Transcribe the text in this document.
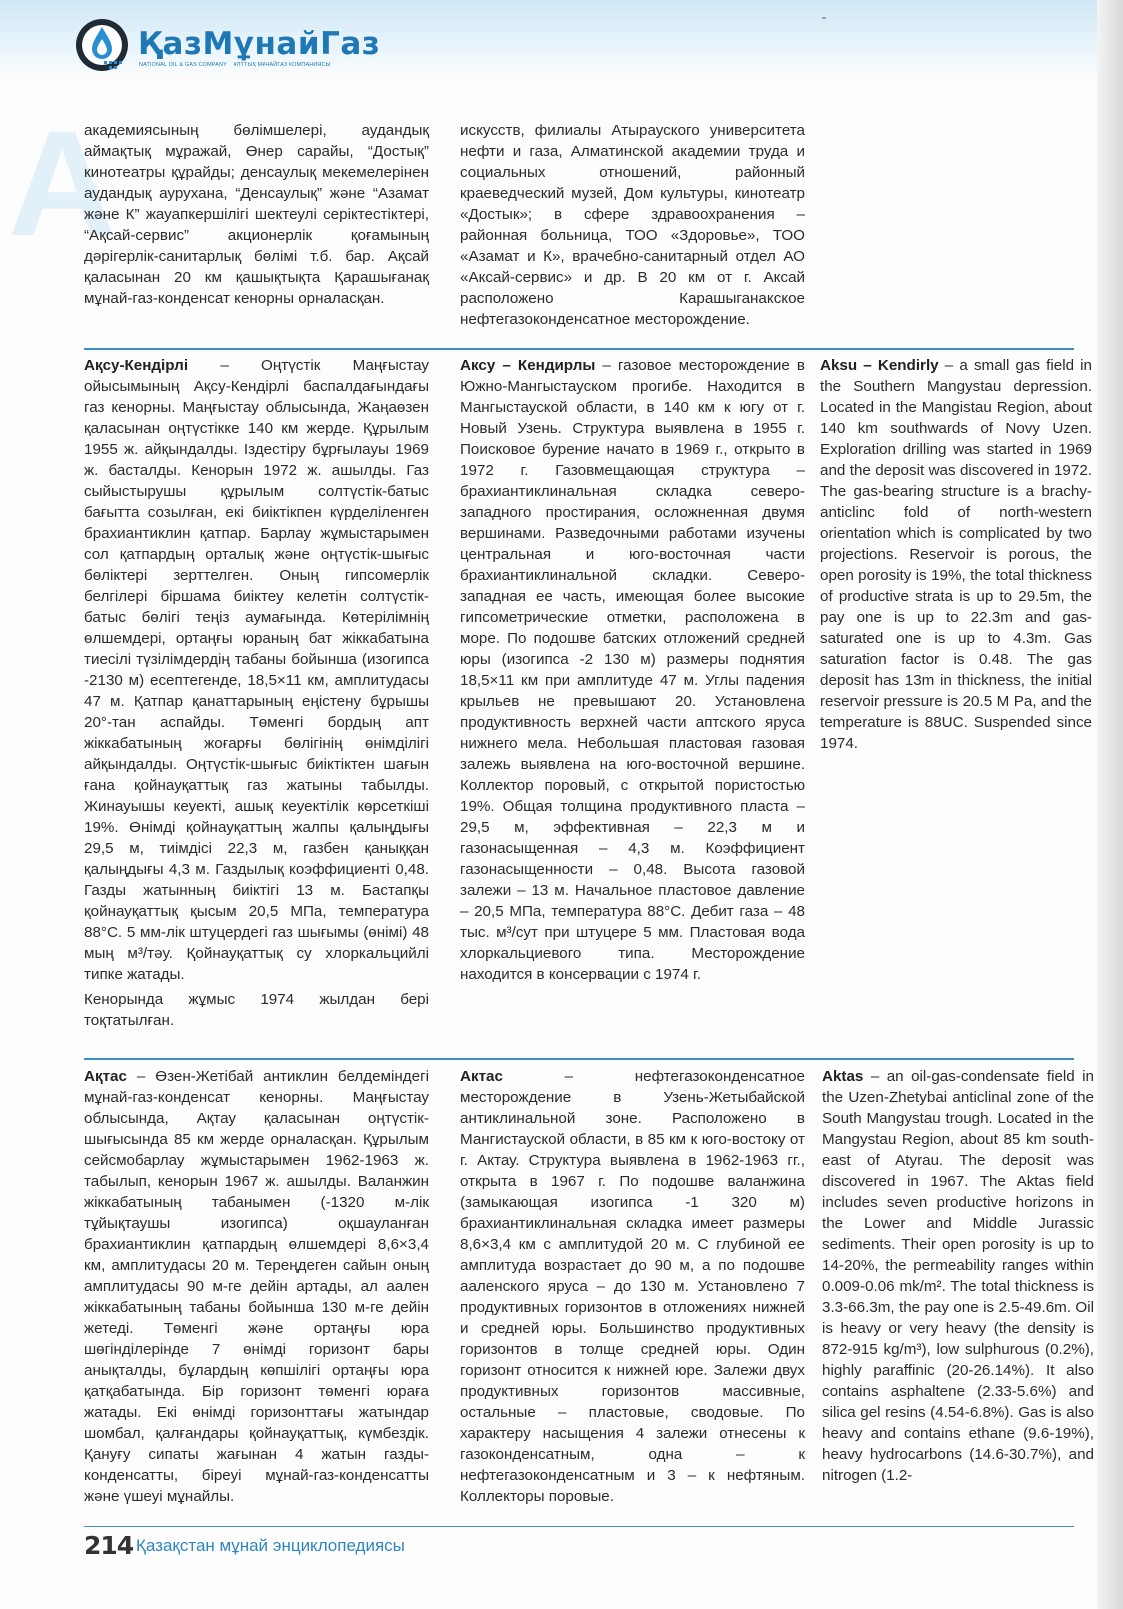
ҚазМұнайГаз
NATIONAL OIL & GAS COMPANY ҰЛТТЫҚ МҰНАЙГАЗ КОМПАНИЯСЫ
A

академиясының бөлімшелері, аудандық аймақтық мұражай, Өнер сарайы, “Достық” кинотеатры құрайды; денсаулық мекемелерінен аудандық аурухана, “Денсаулық” және “Азамат және К” жауапкершілігі шектеулі серіктестіктері, “Ақсай-сервис” акционерлік қоғамының дәрігерлік-санитарлық бөлімі т.б. бар. Ақсай қаласынан 20 км қашықтықта Қарашығанақ мұнай-газ-конденсат кенорны орналасқан.

искусств, филиалы Атырауского университета нефти и газа, Алматинской академии труда и социальных отношений, районный краеведческий музей, Дом культуры, кинотеатр «Достык»; в сфере здравоохранения – районная больница, ТОО «Здоровье», ТОО «Азамат и К», врачебно-санитарный отдел АО «Аксай-сервис» и др. В 20 км от г. Аксай расположено Карашыганакское нефтегазоконденсатное месторождение.

Ақсу-Кендірлі – Оңтүстік Маңғыстау ойысымының Ақсу-Кендірлі баспалдағындағы газ кенорны. Маңғыстау облысында, Жаңаөзен қаласынан оңтүстікке 140 км жерде. Құрылым 1955 ж. айқындалды. Іздестіру бұрғылауы 1969 ж. басталды. Кенорын 1972 ж. ашылды. Газ сыйыстырушы құрылым солтүстік-батыс бағытта созылған, екі биіктікпен күрделіленген брахиантиклин қатпар. Барлау жұмыстарымен сол қатпардың орталық және оңтүстік-шығыс бөліктері зерттелген. Оның гипсомерлік белгілері біршама биіктеу келетін солтүстік-батыс бөлігі теңіз аумағында. Көтерілімнің өлшемдері, ортаңғы юраның бат жіккабатына тиесілі түзілімдердің табаны бойынша (изогипса -2130 м) есептегенде, 18,5×11 км, амплитудасы 47 м. Қатпар қанаттарының еңістену бұрышы 20°-тан аспайды. Төменгі бордың апт жіккабатының жоғарғы бөлігінің өнімділігі айқындалды. Оңтүстік-шығыс биіктіктен шағын ғана қойнауқаттық газ жатыны табылды. Жинауышы кеуекті, ашық кеуектілік көрсеткіші 19%. Өнімді қойнауқаттың жалпы қалыңдығы 29,5 м, тиімдісі 22,3 м, газбен қаныққан қалыңдығы 4,3 м. Газдылық коэффициенті 0,48. Газды жатынның биіктігі 13 м. Бастапқы қойнауқаттық қысым 20,5 МПа, температура 88°С. 5 мм-лік штуцердегі газ шығымы (өнімі) 48 мың м³/тәу. Қойнауқаттық су хлоркальцийлі типке жатады.

Кенорында жұмыс 1974 жылдан бері тоқтатылған.

Аксу – Кендирлы – газовое месторождение в Южно-Мангыстауском прогибе. Находится в Мангыстауской области, в 140 км к югу от г. Новый Узень. Структура выявлена в 1955 г. Поисковое бурение начато в 1969 г., открыто в 1972 г. Газовмещающая структура – брахиантиклинальная складка северо-западного простирания, осложненная двумя вершинами. Разведочными работами изучены центральная и юго-восточная части брахиантиклинальной складки. Северо-западная ее часть, имеющая более высокие гипсометрические отметки, расположена в море. По подошве батских отложений средней юры (изогипса -2 130 м) размеры поднятия 18,5×11 км при амплитуде 47 м. Углы падения крыльев не превышают 20. Установлена продуктивность верхней части аптского яруса нижнего мела. Небольшая пластовая газовая залежь выявлена на юго-восточной вершине. Коллектор поровый, с открытой пористостью 19%. Общая толщина продуктивного пласта – 29,5 м, эффективная – 22,3 м и газонасыщенная – 4,3 м. Коэффициент газонасыщенности – 0,48. Высота газовой залежи – 13 м. Начальное пластовое давление – 20,5 МПа, температура 88°С. Дебит газа – 48 тыс. м³/сут при штуцере 5 мм. Пластовая вода хлоркальциевого типа. Месторождение находится в консервации с 1974 г.

Aksu – Kendirly – a small gas field in the Southern Mangystau depression. Located in the Mangistau Region, about 140 km southwards of Novy Uzen. Exploration drilling was started in 1969 and the deposit was discovered in 1972. The gas-bearing structure is a brachy-anticlinc fold of north-western orientation which is complicated by two projections. Reservoir is porous, the open porosity is 19%, the total thickness of productive strata is up to 29.5m, the pay one is up to 22.3m and gas-saturated one is up to 4.3m. Gas saturation factor is 0.48. The gas deposit has 13m in thickness, the initial reservoir pressure is 20.5 M Pa, and the temperature is 88UC. Suspended since 1974.

Ақтас – Өзен-Жетібай антиклин белдеміндегі мұнай-газ-конденсат кенорны. Маңғыстау облысында, Ақтау қаласынан оңтүстік-шығысында 85 км жерде орналасқан. Құрылым сейсмобарлау жұмыстарымен 1962-1963 ж. табылып, кенорын 1967 ж. ашылды. Валанжин жіккабатының табанымен (-1320 м-лік тұйықтаушы изогипса) оқшауланған брахиантиклин қатпардың өлшемдері 8,6×3,4 км, амплитудасы 20 м. Тереңдеген сайын оның амплитудасы 90 м-ге дейін артады, ал аален жіккабатының табаны бойынша 130 м-ге дейін жетеді. Төменгі және ортаңғы юра шөгінділерінде 7 өнімді горизонт бары анықталды, бұлардың көпшілігі ортаңғы юра қатқабатында. Бір горизонт төменгі юраға жатады. Екі өнімді горизонттағы жатындар шомбал, қалғандары қойнауқаттық, күмбездік. Қануғу сипаты жағынан 4 жатын газды-конденсатты, біреуі мұнай-газ-конденсатты және үшеуі мұнайлы.

Актас – нефтегазоконденсатное месторождение в Узень-Жетыбайской антиклинальной зоне. Расположено в Мангистауской области, в 85 км к юго-востоку от г. Актау. Структура выявлена в 1962-1963 гг., открыта в 1967 г. По подошве валанжина (замыкающая изогипса -1 320 м) брахиантиклинальная складка имеет размеры 8,6×3,4 км с амплитудой 20 м. С глубиной ее амплитуда возрастает до 90 м, а по подошве ааленского яруса – до 130 м. Установлено 7 продуктивных горизонтов в отложениях нижней и средней юры. Большинство продуктивных горизонтов в толще средней юры. Один горизонт относится к нижней юре. Залежи двух продуктивных горизонтов массивные, остальные – пластовые, сводовые. По характеру насыщения 4 залежи отнесены к газоконденсатным, одна – к нефтегазоконденсатным и 3 – к нефтяным. Коллекторы поровые.

Aktas – an oil-gas-condensate field in the Uzen-Zhetybai anticlinal zone of the South Mangystau trough. Located in the Mangystau Region, about 85 km south-east of Atyrau. The deposit was discovered in 1967. The Aktas field includes seven productive horizons in the Lower and Middle Jurassic sediments. Their open porosity is up to 14-20%, the permeability ranges within 0.009-0.06 mk/m². The total thickness is 3.3-66.3m, the pay one is 2.5-49.6m. Oil is heavy or very heavy (the density is 872-915 kg/m³), low sulphurous (0.2%), highly paraffinic (20-26.14%). It also contains asphaltene (2.33-5.6%) and silica gel resins (4.54-6.8%). Gas is also heavy and contains ethane (9.6-19%), heavy hydrocarbons (14.6-30.7%), and nitrogen (1.2-

214 Қазақстан мұнай энциклопедиясы
